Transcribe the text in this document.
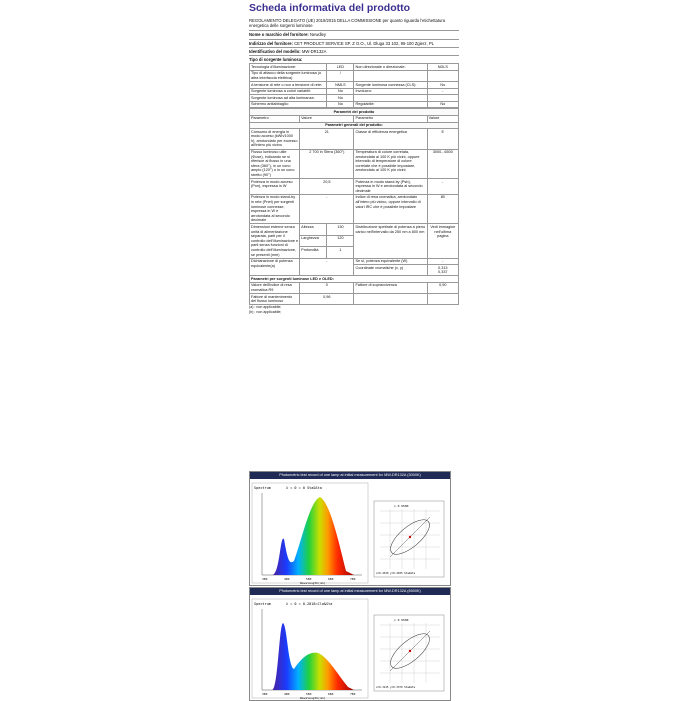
Scheda informativa del prodotto
REGOLAMENTO DELEGATO (UE) 2019/2015 DELLA COMMISSIONE per quanto riguarda l'etichettatura energetica delle sorgenti luminose
Nome o marchio del fornitore: Newdley
Indirizzo del fornitore: CET PRODUCT SERVICE SP. Z O.O., Ul. Dluga 33 102, 95-100 Zgierz, PL
Identificativo del modello: MW-DR132A
Tipo di sorgente luminosa:
Tecnologia d'illuminazione:	LED	Non direzionale o direzionale:	NDLS
Tipo di attacco della sorgente luminosa (o altra interfaccia elettrica)	/		
A tensione di rete o non a tensione di rete:	NMLS	Sorgente luminosa connessa (CLS):	No
Sorgente luminosa a colori variabili:	No	Involucro:	-
Sorgente luminosa ad alta luminanza:	No		
Schermo antiabbaglio:	No	Regolabile:	No
Parametri del prodotto				
Parametro	Valore		Parametro	Valore
Parametri generali del prodotto:				
Consumo di energia in modo acceso (kWh/1000 h), arrotondato per eccesso all'intero più vicino	21		Classe di efficienza energetica	E
Flusso luminoso utile (Φuse), indicando se si riferisce al flusso in una sfera (360°), in un cono ampio (120°) o in un cono stretto (90°)	2 700 in Sfera (360°)		Temperatura di colore correlata, arrotondata ai 100 K più vicini, oppure intervallo di temperature di colore correlate che è possibile impostare, arrotondato ai 100 K più vicini	3000...6500
Potenza in modo acceso (Pon), espressa in W	20,5		Potenza in modo stand-by (Psb), espressa in W e arrotondata al secondo decimale	-
Potenza in modo stand-by in rete (Pnet) per sorgenti luminose connesse, espressa in W e arrotondata al secondo decimale	-		Indice di resa cromatica, arrotondato all'intero più vicino, oppure intervallo di valori IRC che è possibile impostare	80
Dimensioni esterne senza unità di alimentazione separata, parti per il controllo dell'illuminazione e parti senza funzioni di controllo dell'illuminazione, se presenti (mm)	Altezza	130	Distribuzione spettrale di potenza a pieno carico nell'intervallo da 250 nm a 800 nm	Vedi immagine nell'ultima pagina
	Larghezza	120		
	Profondità	1		
Dichiarazione di potenza equivalente(a)	-		Se sì, potenza equivalente (W)	-
			Coordinate cromatiche (x, y)	0,313
0,337
Parametri per sorgenti luminose LED e OLED:				
Valore dell'indice di resa cromatica R9	0		Fattore di sopravvivenza	0,90
Fattore di mantenimento del flusso luminoso	0,96			
(a) : non applicabile;
(b) : non applicabile;
Photometric test record of one lamp at initial measurement for MW-DR132A (3000K)
Spectrum	λ = 0 = 0 Sta&Sta
380	480	580	680	780
Wavelength(nm)
x 0 6500
x=0.4320 y=0.4035 Sta&Sta
Photometric test record of one lamp at initial measurement for MW-DR132A (6500K)
Spectrum	λ = 0 = 0.2018=Cla&Sta
380	480	580	680	780
Wavelength(nm)
x 0 6500
x=0.3125 y=0.3370 Sta&Sta
